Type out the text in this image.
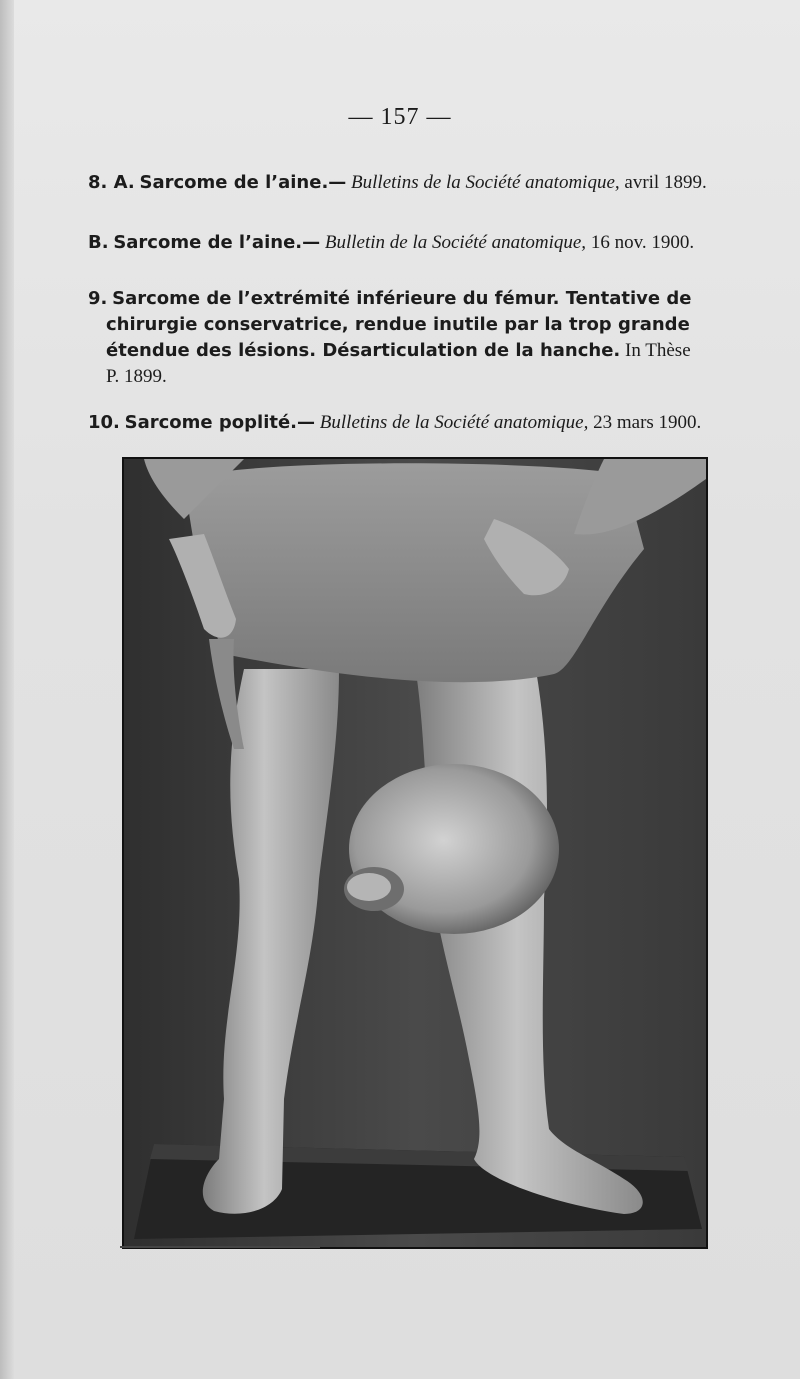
— 157 —
8. A. Sarcome de l’aine.— Bulletins de la Société anatomique, avril 1899.
B. Sarcome de l’aine.— Bulletin de la Société anatomique, 16 nov. 1900.
9. Sarcome de l’extrémité inférieure du fémur. Tentative de
chirurgie conservatrice, rendue inutile par la trop grande
étendue des lésions. Désarticulation de la hanche. In Thèse
P. 1899.
10. Sarcome poplité.— Bulletins de la Société anatomique, 23 mars 1900.
